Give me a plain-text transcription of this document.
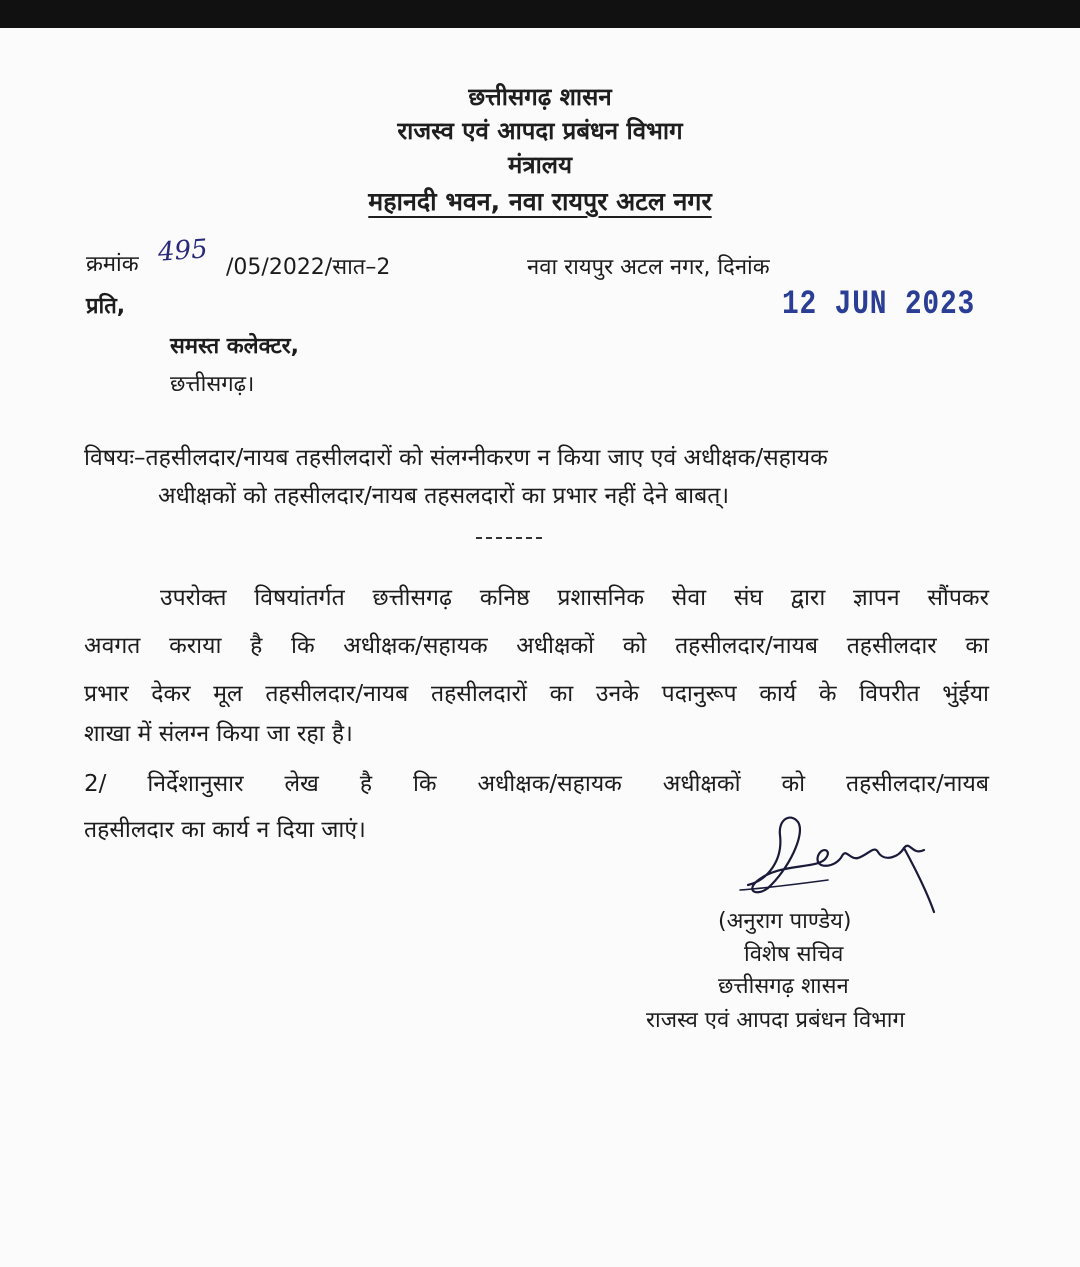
छत्तीसगढ़ शासन
राजस्व एवं आपदा प्रबंधन विभाग
मंत्रालय
महानदी भवन, नवा रायपुर अटल नगर
क्रमांक 495 /05/2022/सात–2	नवा रायपुर अटल नगर, दिनांक
12 JUN 2023
प्रति,
समस्त कलेक्टर,
छत्तीसगढ़।
विषयः–तहसीलदार/नायब तहसीलदारों को संलग्नीकरण न किया जाए एवं अधीक्षक/सहायक
अधीक्षकों को तहसीलदार/नायब तहसलदारों का प्रभार नहीं देने बाबत्।
उपरोक्त विषयांतर्गत छत्तीसगढ़ कनिष्ठ प्रशासनिक सेवा संघ द्वारा ज्ञापन सौंपकर
अवगत कराया है कि अधीक्षक/सहायक अधीक्षकों को तहसीलदार/नायब तहसीलदार का
प्रभार देकर मूल तहसीलदार/नायब तहसीलदारों का उनके पदानुरूप कार्य के विपरीत भुंईया
शाखा में संलग्न किया जा रहा है।
2/ निर्देशानुसार लेख है कि अधीक्षक/सहायक अधीक्षकों को तहसीलदार/नायब
तहसीलदार का कार्य न दिया जाएं।
(अनुराग पाण्डेय)
विशेष सचिव
छत्तीसगढ़ शासन
राजस्व एवं आपदा प्रबंधन विभाग
